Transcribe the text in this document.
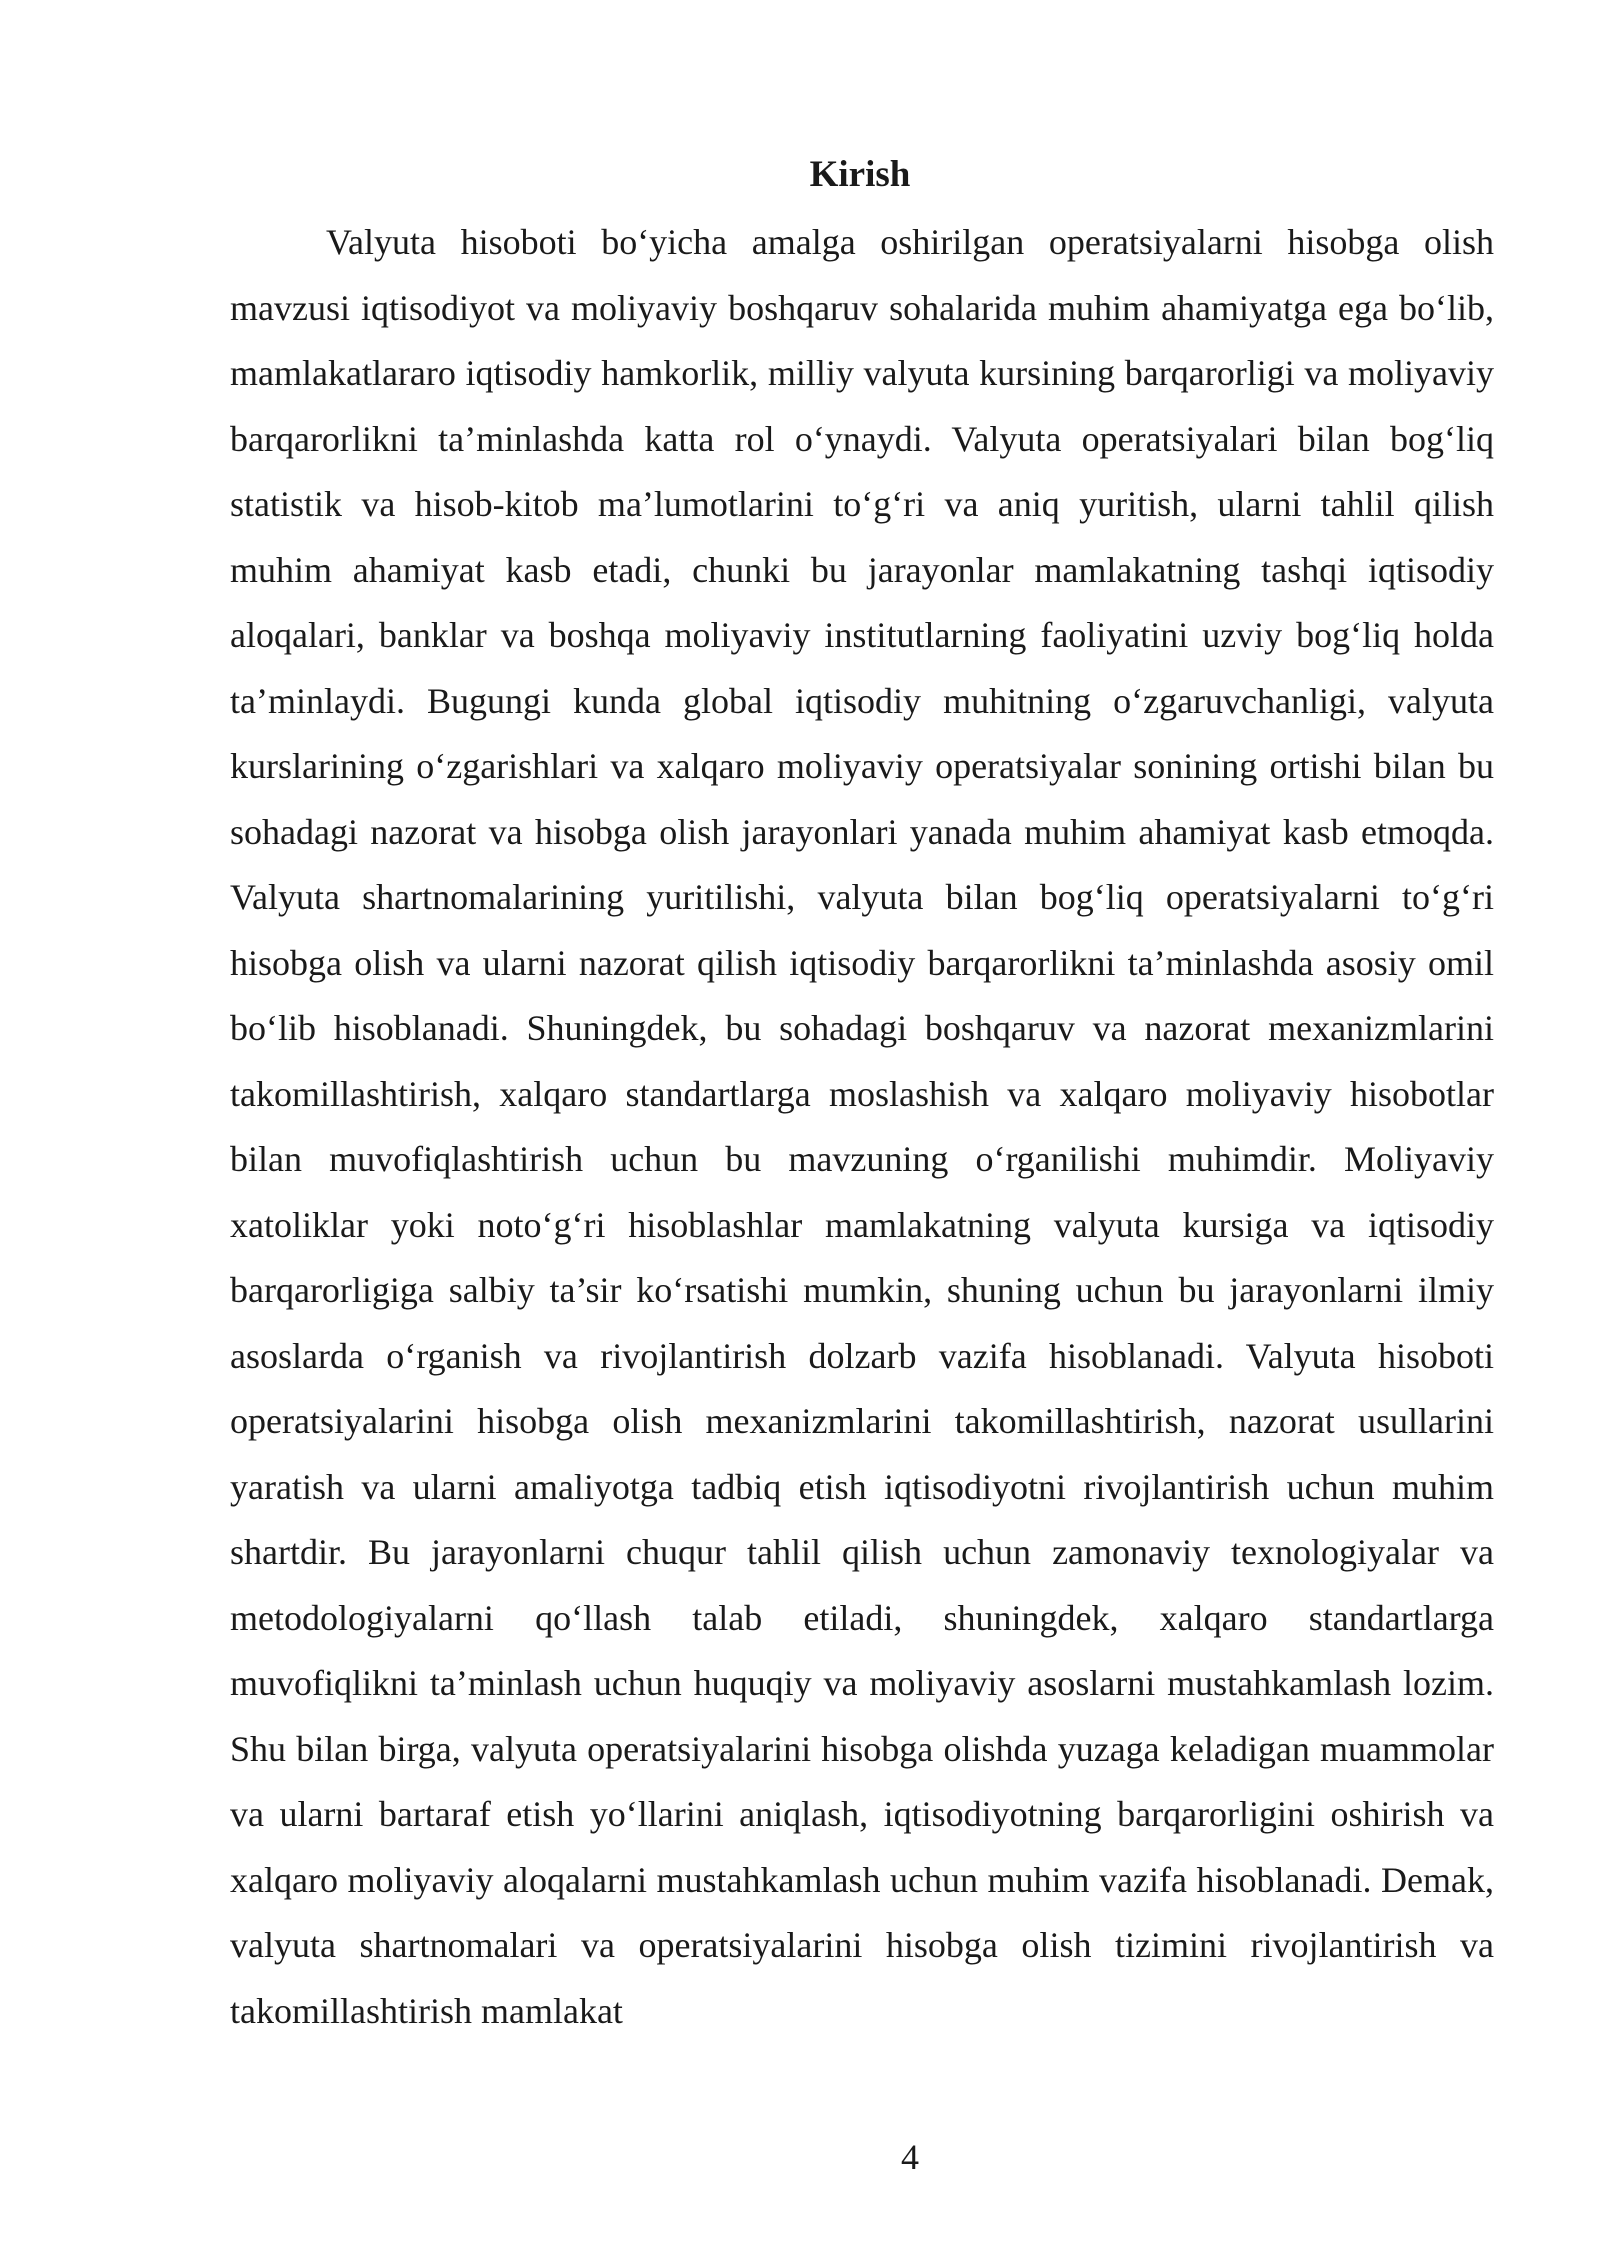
Kirish

Valyuta hisoboti bo‘yicha amalga oshirilgan operatsiyalarni hisobga olish mavzusi iqtisodiyot va moliyaviy boshqaruv sohalarida muhim ahamiyatga ega bo‘lib, mamlakatlararo iqtisodiy hamkorlik, milliy valyuta kursining barqarorligi va moliyaviy barqarorlikni ta’minlashda katta rol o‘ynaydi. Valyuta operatsiyalari bilan bog‘liq statistik va hisob-kitob ma’lumotlarini to‘g‘ri va aniq yuritish, ularni tahlil qilish muhim ahamiyat kasb etadi, chunki bu jarayonlar mamlakatning tashqi iqtisodiy aloqalari, banklar va boshqa moliyaviy institutlarning faoliyatini uzviy bog‘liq holda ta’minlaydi. Bugungi kunda global iqtisodiy muhitning o‘zgaruvchanligi, valyuta kurslarining o‘zgarishlari va xalqaro moliyaviy operatsiyalar sonining ortishi bilan bu sohadagi nazorat va hisobga olish jarayonlari yanada muhim ahamiyat kasb etmoqda. Valyuta shartnomalarining yuritilishi, valyuta bilan bog‘liq operatsiyalarni to‘g‘ri hisobga olish va ularni nazorat qilish iqtisodiy barqarorlikni ta’minlashda asosiy omil bo‘lib hisoblanadi. Shuningdek, bu sohadagi boshqaruv va nazorat mexanizmlarini takomillashtirish, xalqaro standartlarga moslashish va xalqaro moliyaviy hisobotlar bilan muvofiqlashtirish uchun bu mavzuning o‘rganilishi muhimdir. Moliyaviy xatoliklar yoki noto‘g‘ri hisoblashlar mamlakatning valyuta kursiga va iqtisodiy barqarorligiga salbiy ta’sir ko‘rsatishi mumkin, shuning uchun bu jarayonlarni ilmiy asoslarda o‘rganish va rivojlantirish dolzarb vazifa hisoblanadi. Valyuta hisoboti operatsiyalarini hisobga olish mexanizmlarini takomillashtirish, nazorat usullarini yaratish va ularni amaliyotga tadbiq etish iqtisodiyotni rivojlantirish uchun muhim shartdir. Bu jarayonlarni chuqur tahlil qilish uchun zamonaviy texnologiyalar va metodologiyalarni qo‘llash talab etiladi, shuningdek, xalqaro standartlarga muvofiqlikni ta’minlash uchun huquqiy va moliyaviy asoslarni mustahkamlash lozim. Shu bilan birga, valyuta operatsiyalarini hisobga olishda yuzaga keladigan muammolar va ularni bartaraf etish yo‘llarini aniqlash, iqtisodiyotning barqarorligini oshirish va xalqaro moliyaviy aloqalarni mustahkamlash uchun muhim vazifa hisoblanadi. Demak, valyuta shartnomalari va operatsiyalarini hisobga olish tizimini rivojlantirish va takomillashtirish mamlakat

4
